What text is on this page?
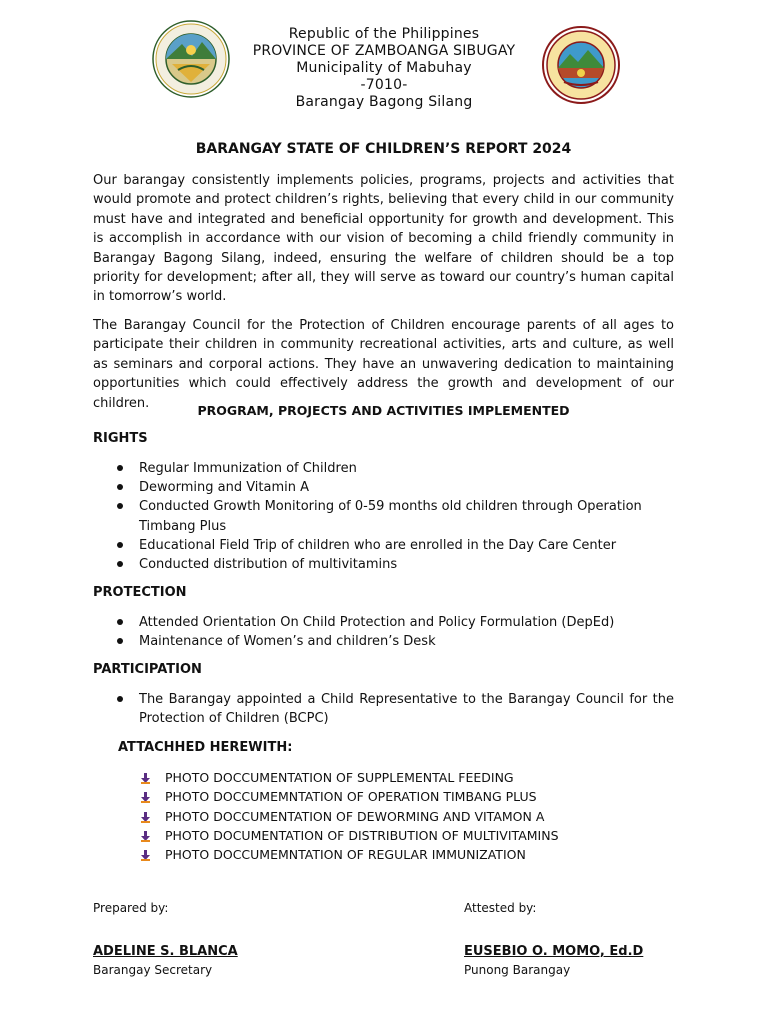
Republic of the Philippines
PROVINCE OF ZAMBOANGA SIBUGAY
Municipality of Mabuhay
-7010-
Barangay Bagong Silang
BARANGAY STATE OF CHILDREN’S REPORT 2024

Our barangay consistently implements policies, programs, projects and activities that would promote and protect children’s rights, believing that every child in our community must have and integrated and beneficial opportunity for growth and development. This is accomplish in accordance with our vision of becoming a child friendly community in Barangay Bagong Silang, indeed, ensuring the welfare of children should be a top priority for development; after all, they will serve as toward our country’s human capital in tomorrow’s world.

The Barangay Council for the Protection of Children encourage parents of all ages to participate their children in community recreational activities, arts and culture, as well as seminars and corporal actions. They have an unwavering dedication to maintaining opportunities which could effectively address the growth and development of our children.	PROGRAM, PROJECTS AND ACTIVITIES IMPLEMENTED
RIGHTS
Regular Immunization of Children
Deworming and Vitamin A
Conducted Growth Monitoring of 0-59 months old children through Operation Timbang Plus
Educational Field Trip of children who are enrolled in the Day Care Center
Conducted distribution of multivitamins
PROTECTION
Attended Orientation On Child Protection and Policy Formulation (DepEd)
Maintenance of Women’s and children’s Desk
PARTICIPATION
The Barangay appointed a Child Representative to the Barangay Council for the Protection of Children (BCPC)
ATTACHHED HEREWITH:
PHOTO DOCCUMENTATION OF SUPPLEMENTAL FEEDING
PHOTO DOCCUMEMNTATION OF OPERATION TIMBANG PLUS
PHOTO DOCCUMENTATION OF DEWORMING AND VITAMON A
PHOTO DOCUMENTATION OF DISTRIBUTION OF MULTIVITAMINS
PHOTO DOCCUMEMNTATION OF REGULAR IMMUNIZATION
Prepared by:
ADELINE S. BLANCA
Barangay Secretary
Attested by:
EUSEBIO O. MOMO, Ed.D
Punong Barangay
